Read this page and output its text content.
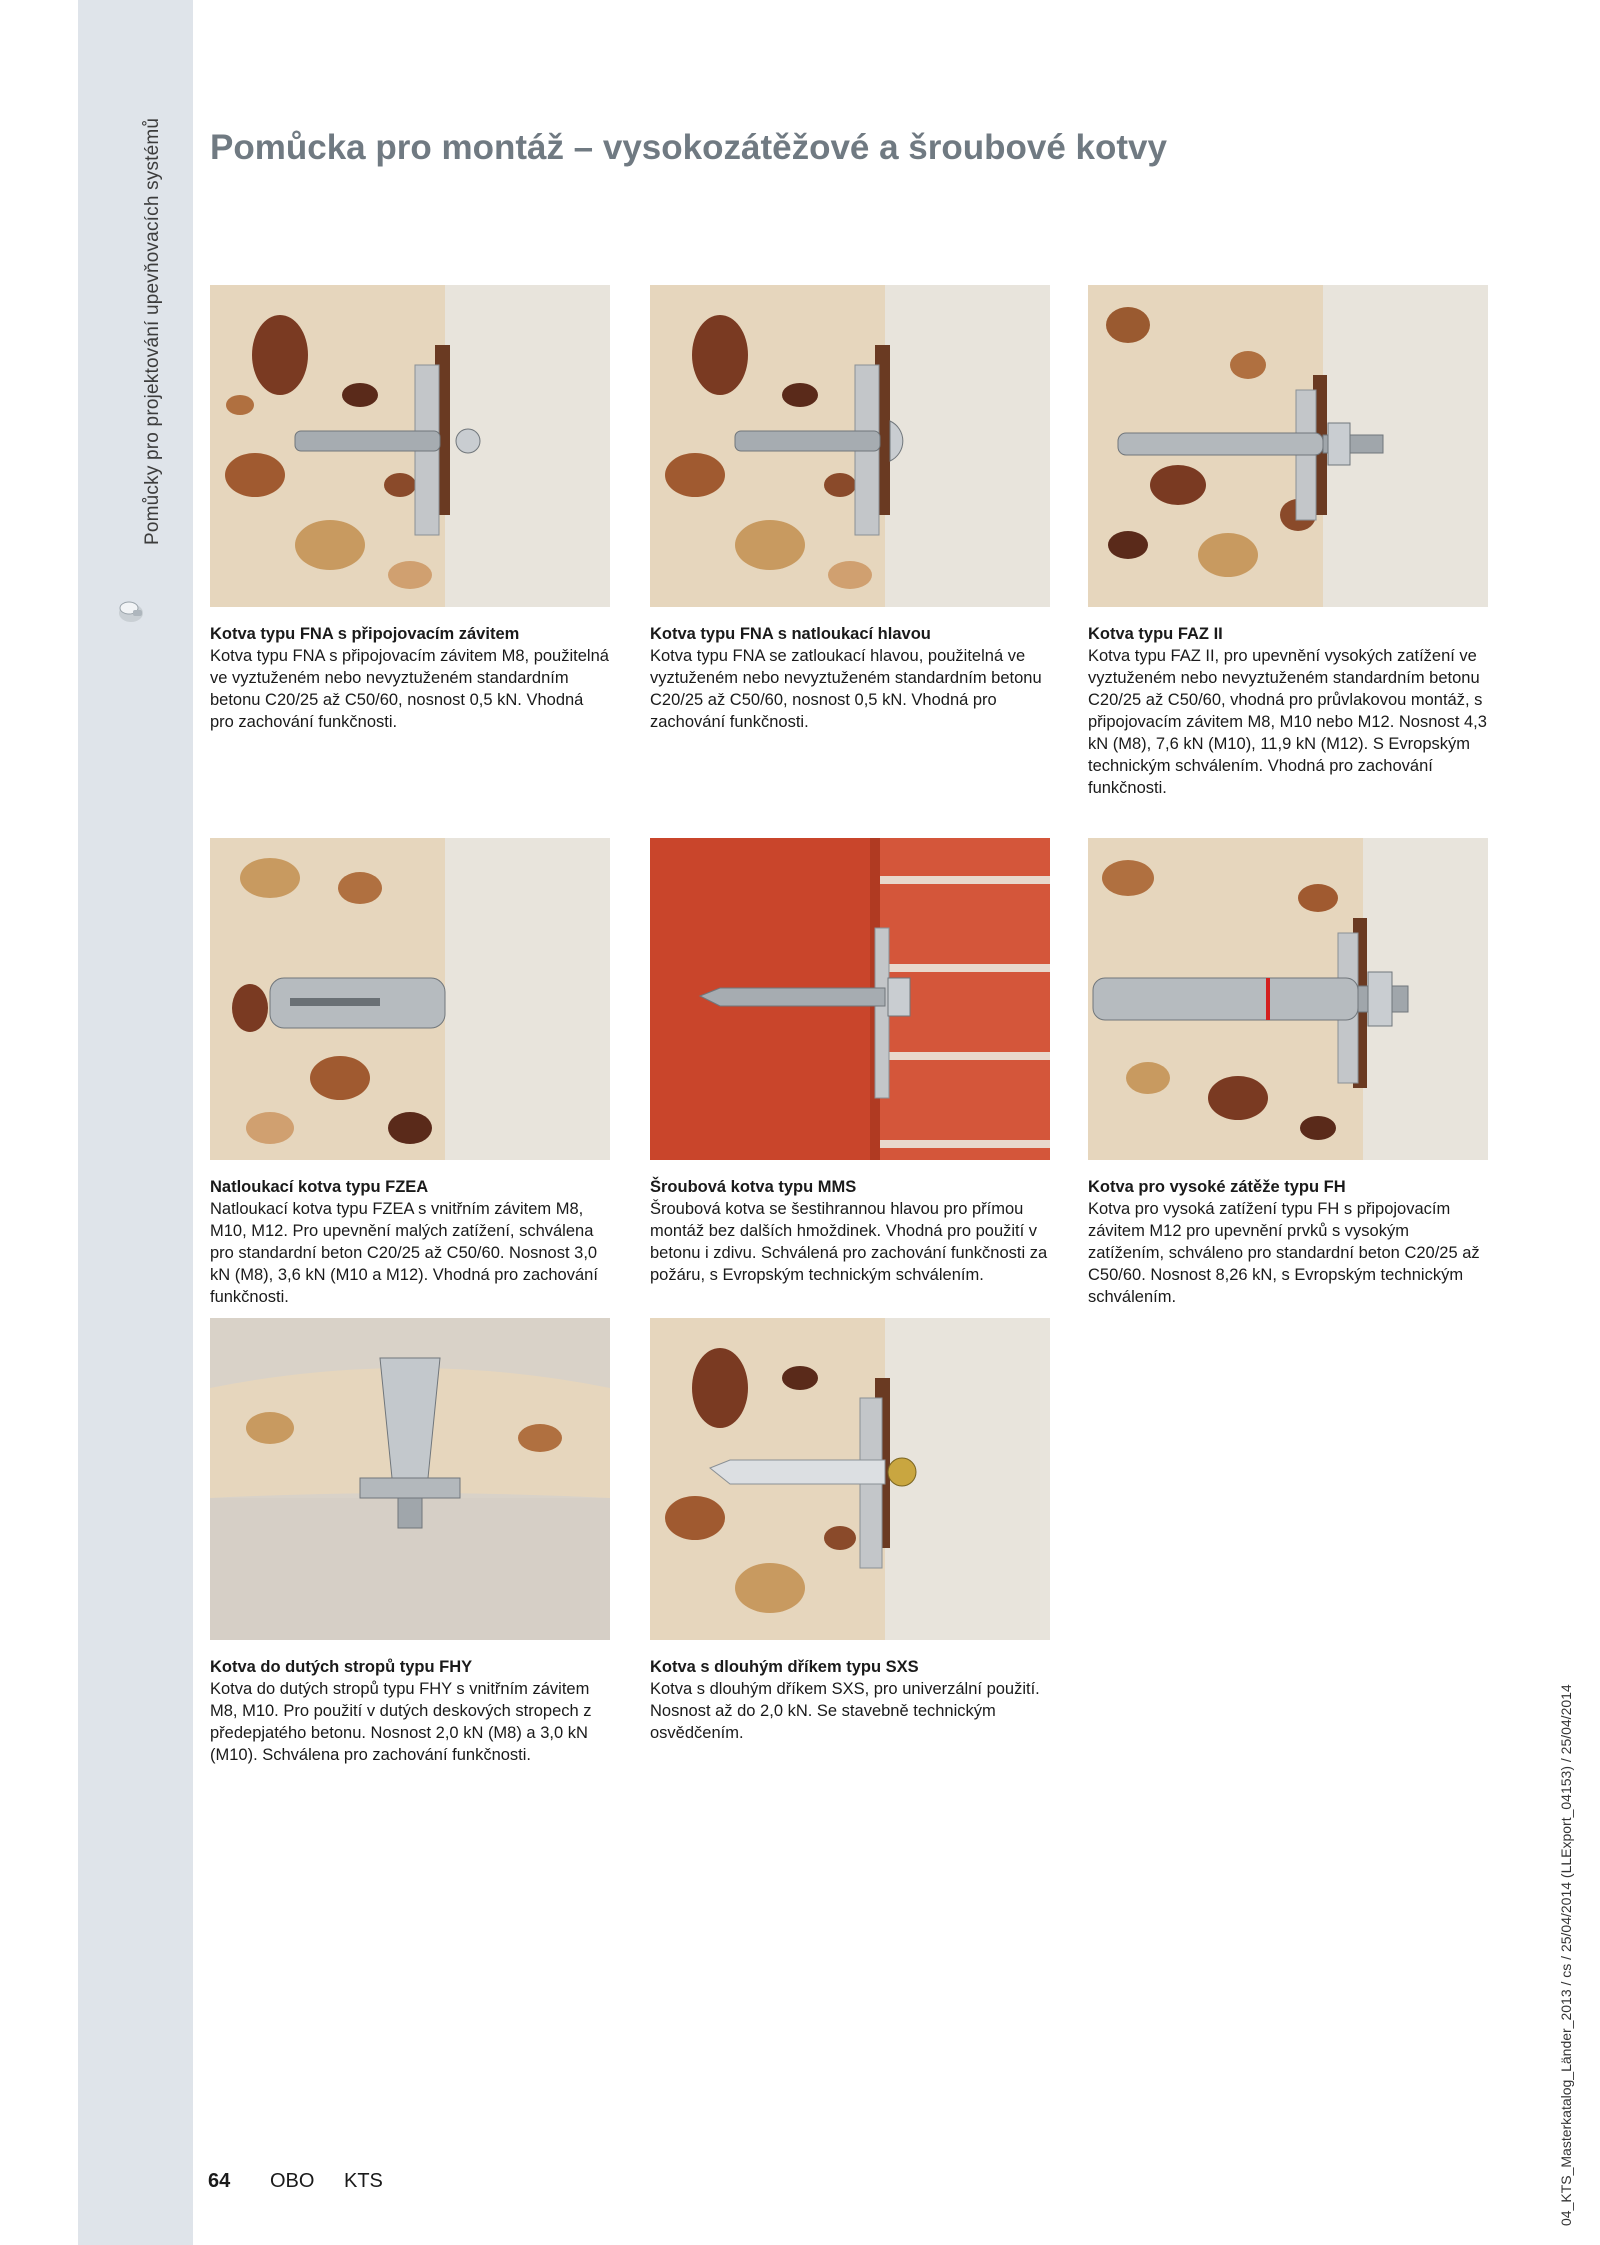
Pomůcky pro projektování upevňovacích systémů Pomůcka pro montáž – vysokozátěžové a šroubové kotvy
Kotva typu FNA s připojovacím závitem
Kotva typu FNA s připojovacím závitem M8, použitelná ve vyztuženém nebo nevyztuženém standardním betonu C20/25 až C50/60, nosnost 0,5 kN. Vhodná pro zachování funkčnosti.
Kotva typu FNA s natloukací hlavou
Kotva typu FNA se zatloukací hlavou, použitelná ve vyztuženém nebo nevyztuženém standardním betonu C20/25 až C50/60, nosnost 0,5 kN. Vhodná pro zachování funkčnosti.
Kotva typu FAZ II
Kotva typu FAZ II, pro upevnění vysokých zatížení ve vyztuženém nebo nevyztuženém standardním betonu C20/25 až C50/60, vhodná pro průvlakovou montáž, s připojovacím závitem M8, M10 nebo M12. Nosnost 4,3 kN (M8), 7,6 kN (M10), 11,9 kN (M12). S Evropským technickým schválením. Vhodná pro zachování funkčnosti.
Natloukací kotva typu FZEA
Natloukací kotva typu FZEA s vnitřním závitem M8, M10, M12. Pro upevnění malých zatížení, schválena pro standardní beton C20/25 až C50/60. Nosnost 3,0 kN (M8), 3,6 kN (M10 a M12). Vhodná pro zachování funkčnosti.
Šroubová kotva typu MMS
Šroubová kotva se šestihrannou hlavou pro přímou montáž bez dalších hmoždinek. Vhodná pro použití v betonu i zdivu. Schválená pro zachování funkčnosti za požáru, s Evropským technickým schválením.
Kotva pro vysoké zátěže typu FH
Kotva pro vysoká zatížení typu FH s připojovacím závitem M12 pro upevnění prvků s vysokým zatížením, schváleno pro standardní beton C20/25 až C50/60. Nosnost 8,26 kN, s Evropským technickým schválením.
Kotva do dutých stropů typu FHY
Kotva do dutých stropů typu FHY s vnitřním závitem M8, M10. Pro použití v dutých deskových stropech z předepjatého betonu. Nosnost 2,0 kN (M8) a 3,0 kN (M10). Schválena pro zachování funkčnosti.
Kotva s dlouhým dříkem typu SXS
Kotva s dlouhým dříkem SXS, pro univerzální použití. Nosnost až do 2,0 kN. Se stavebně technickým osvědčením.
64 OBO KTS	04_KTS_Masterkatalog_Länder_2013 / cs / 25/04/2014 (LLExport_04153) / 25/04/2014
